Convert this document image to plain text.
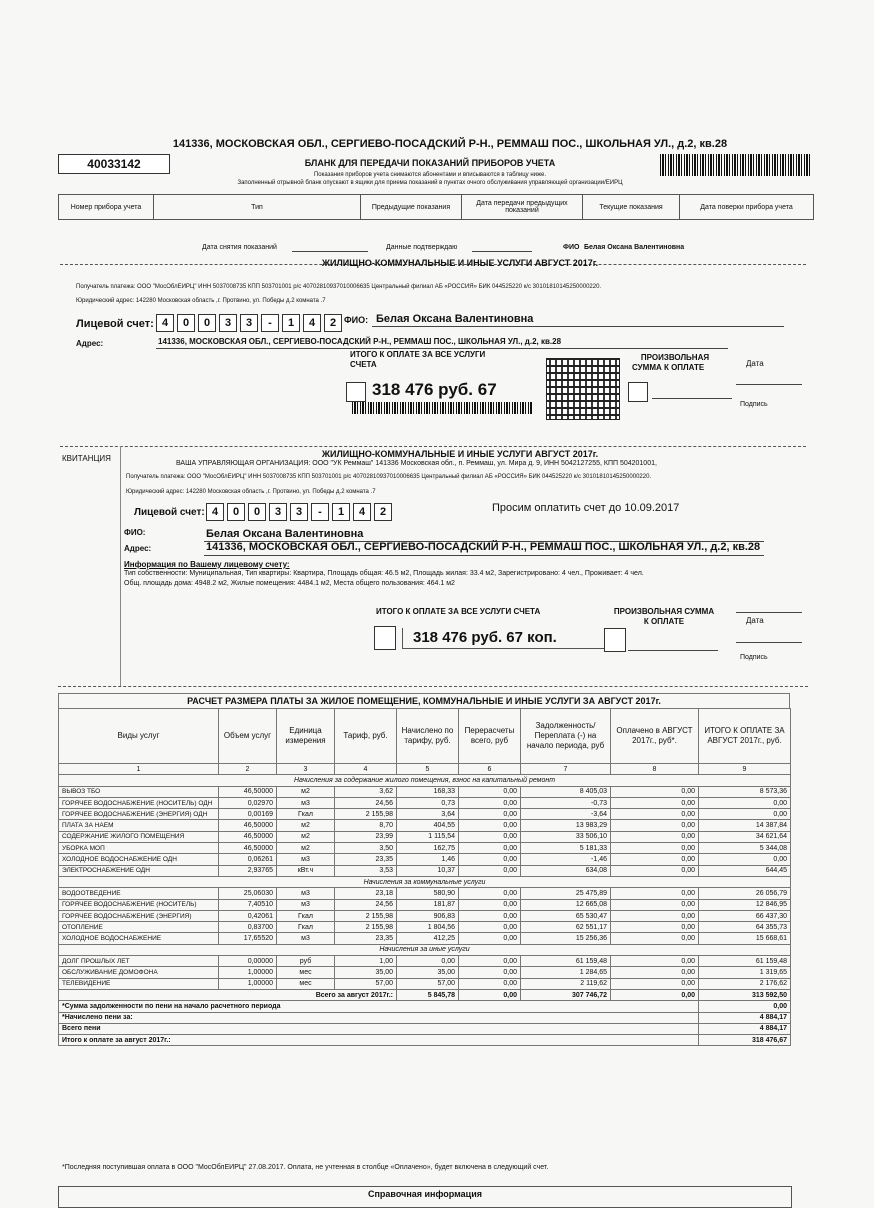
141336, МОСКОВСКАЯ ОБЛ., СЕРГИЕВО-ПОСАДСКИЙ Р-Н., РЕММАШ ПОС., ШКОЛЬНАЯ УЛ., д.2, кв.28
40033142	БЛАНК ДЛЯ ПЕРЕДАЧИ ПОКАЗАНИЙ ПРИБОРОВ УЧЕТА
Показания приборов учета снимаются абонентами и вписываются в таблицу ниже.
Заполненный отрывной бланк опускают в ящики для приема показаний в пунктах очного обслуживания управляющей организации/ЕИРЦ
Номер прибора учета	Тип	Предыдущие показания	Дата передачи предыдущих показаний	Текущие показания	Дата поверки прибора учета
Дата снятия показаний	Данные подтверждаю	ФИО Белая Оксана Валентиновна
ЖИЛИЩНО-КОММУНАЛЬНЫЕ И ИНЫЕ УСЛУГИ АВГУСТ 2017г.
Получатель платежа: ООО "МосОблЕИРЦ" ИНН 5037008735 КПП 503701001 р/с 40702810937010006635 Центральный филиал АБ «РОССИЯ» БИК 044525220 к/с 30101810145250000220.
Юридический адрес: 142280 Московская область ,г. Протвино, ул. Победы д.2 комната .7
Лицевой счет: 4	0	0	3	3	-	1	4	2 ФИО: Белая Оксана Валентиновна
Адрес:	141336, МОСКОВСКАЯ ОБЛ., СЕРГИЕВО-ПОСАДСКИЙ Р-Н., РЕММАШ ПОС., ШКОЛЬНАЯ УЛ., д.2, кв.28
ИТОГО К ОПЛАТЕ ЗА ВСЕ УСЛУГИ
СЧЕТА
318 476 руб. 67
ПРОИЗВОЛЬНАЯ
СУММА К ОПЛАТЕ	Дата
Подпись
КВИТАНЦИЯ	ЖИЛИЩНО-КОММУНАЛЬНЫЕ И ИНЫЕ УСЛУГИ АВГУСТ 2017г.
ВАША УПРАВЛЯЮЩАЯ ОРГАНИЗАЦИЯ: ООО "УК Реммаш" 141336 Московская обл., п. Реммаш, ул. Мира д. 9, ИНН 5042127255, КПП 504201001,
Получатель платежа: ООО "МосОблЕИРЦ" ИНН 5037008735 КПП 503701001 р/с 40702810937010006635 Центральный филиал АБ «РОССИЯ» БИК 044525220 к/с 30101810145250000220.
Юридический адрес: 142280 Московская область ,г. Протвино, ул. Победы д.2 комната .7
Лицевой счет: 4	0	0	3	3	-	1	4	2	Просим оплатить счет до 10.09.2017
ФИО:	Белая Оксана Валентиновна
Адрес:	141336, МОСКОВСКАЯ ОБЛ., СЕРГИЕВО-ПОСАДСКИЙ Р-Н., РЕММАШ ПОС., ШКОЛЬНАЯ УЛ., д.2, кв.28
Информация по Вашему лицевому счету:
Тип собственности: Муниципальная, Тип квартиры: Квартира, Площадь общая: 46.5 м2, Площадь жилая: 33.4 м2, Зарегистрировано: 4 чел., Проживает: 4 чел.
Общ. площадь дома: 4948.2 м2, Жилые помещения: 4484.1 м2, Места общего пользования: 464.1 м2
ИТОГО К ОПЛАТЕ ЗА ВСЕ УСЛУГИ СЧЕТА
318 476 руб. 67 коп.
ПРОИЗВОЛЬНАЯ СУММА
К ОПЛАТЕ	Дата
Подпись
РАСЧЕТ РАЗМЕРА ПЛАТЫ ЗА ЖИЛОЕ ПОМЕЩЕНИЕ, КОММУНАЛЬНЫЕ И ИНЫЕ УСЛУГИ ЗА АВГУСТ 2017г.
Виды услуг	Объем услуг	Единица измерения	Тариф, руб.	Начислено по тарифу, руб.	Перерасчеты всего, руб	Задолженность/ Переплата (-) на начало периода, руб	Оплачено в АВГУСТ 2017г., руб*.	ИТОГО К ОПЛАТЕ ЗА АВГУСТ 2017г., руб.
1	2	3	4	5	6	7	8	9
Начисления за содержание жилого помещения, взнос на капитальный ремонт								
ВЫВОЗ ТБО	46,50000	м2	3,62	168,33	0,00	8 405,03	0,00	8 573,36
ГОРЯЧЕЕ ВОДОСНАБЖЕНИЕ (НОСИТЕЛЬ) ОДН	0,02970	м3	24,56	0,73	0,00	-0,73	0,00	0,00
ГОРЯЧЕЕ ВОДОСНАБЖЕНИЕ (ЭНЕРГИЯ) ОДН	0,00169	Гкал	2 155,98	3,64	0,00	-3,64	0,00	0,00
ПЛАТА ЗА НАЕМ	46,50000	м2	8,70	404,55	0,00	13 983,29	0,00	14 387,84
СОДЕРЖАНИЕ ЖИЛОГО ПОМЕЩЕНИЯ	46,50000	м2	23,99	1 115,54	0,00	33 506,10	0,00	34 621,64
УБОРКА МОП	46,50000	м2	3,50	162,75	0,00	5 181,33	0,00	5 344,08
ХОЛОДНОЕ ВОДОСНАБЖЕНИЕ ОДН	0,06261	м3	23,35	1,46	0,00	-1,46	0,00	0,00
ЭЛЕКТРОСНАБЖЕНИЕ ОДН	2,93765	кВт.ч	3,53	10,37	0,00	634,08	0,00	644,45
Начисления за коммунальные услуги								
ВОДООТВЕДЕНИЕ	25,06030	м3	23,18	580,90	0,00	25 475,89	0,00	26 056,79
ГОРЯЧЕЕ ВОДОСНАБЖЕНИЕ (НОСИТЕЛЬ)	7,40510	м3	24,56	181,87	0,00	12 665,08	0,00	12 846,95
ГОРЯЧЕЕ ВОДОСНАБЖЕНИЕ (ЭНЕРГИЯ)	0,42061	Гкал	2 155,98	906,83	0,00	65 530,47	0,00	66 437,30
ОТОПЛЕНИЕ	0,83700	Гкал	2 155,98	1 804,56	0,00	62 551,17	0,00	64 355,73
ХОЛОДНОЕ ВОДОСНАБЖЕНИЕ	17,65520	м3	23,35	412,25	0,00	15 256,36	0,00	15 668,61
Начисления за иные услуги								
ДОЛГ ПРОШЛЫХ ЛЕТ	0,00000	руб	1,00	0,00	0,00	61 159,48	0,00	61 159,48
ОБСЛУЖИВАНИЕ ДОМОФОНА	1,00000	мес	35,00	35,00	0,00	1 284,65	0,00	1 319,65
ТЕЛЕВИДЕНИЕ	1,00000	мес	57,00	57,00	0,00	2 119,62	0,00	2 176,62
Всего за август 2017г.:				5 845,78	0,00	307 746,72	0,00	313 592,50
*Сумма задолженности по пени на начало расчетного периода								0,00
*Начислено пени за:								4 884,17
Всего пени								4 884,17
Итого к оплате за август 2017г.:								318 476,67
*Последняя поступившая оплата в ООО "МосОблЕИРЦ" 27.08.2017. Оплата, не учтенная в столбце «Оплачено», будет включена в следующий счет.
Справочная информация
